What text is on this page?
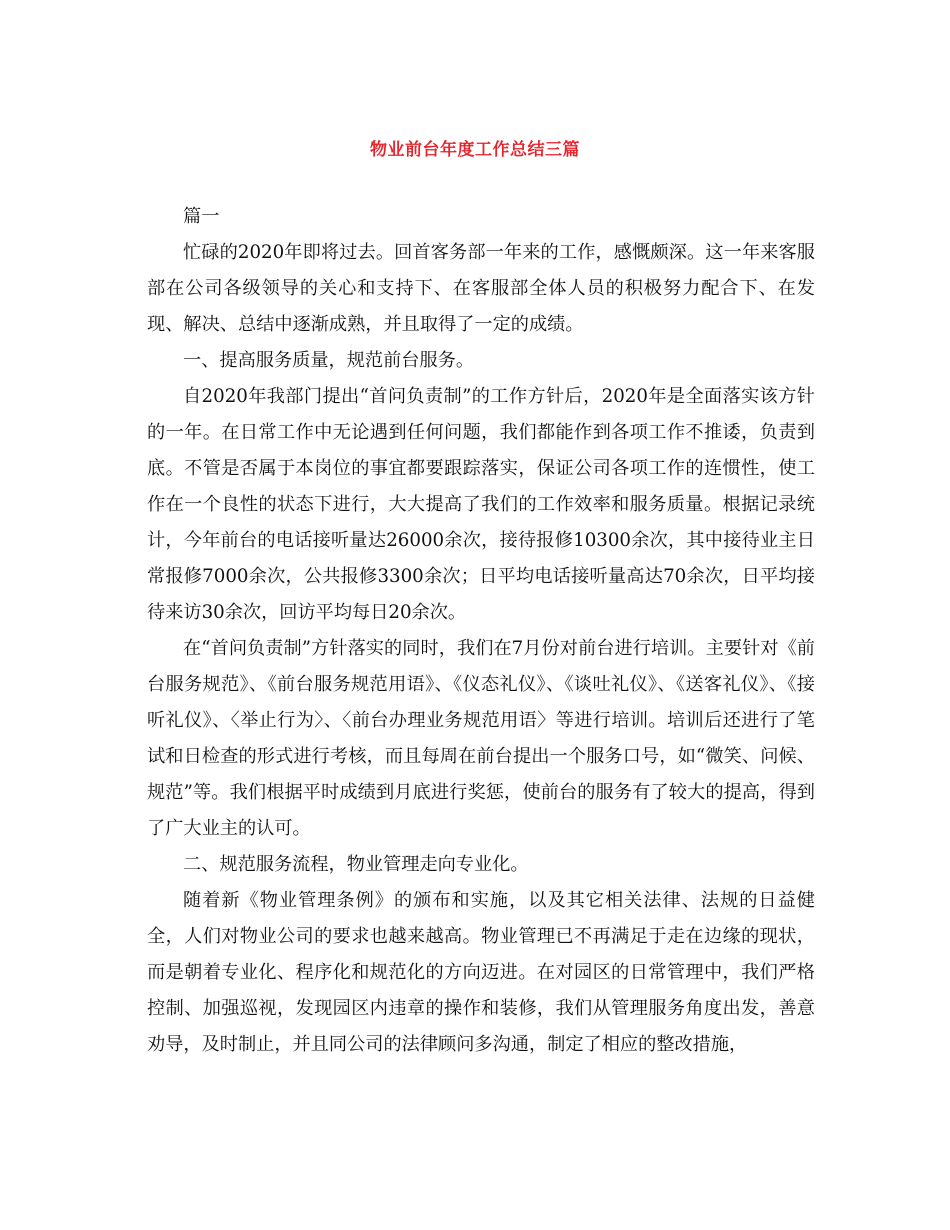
物业前台年度工作总结三篇

篇一

忙碌的2020年即将过去。回首客务部一年来的工作，感慨颇深。这一年来客服部在公司各级领导的关心和支持下、在客服部全体人员的积极努力配合下、在发现、解决、总结中逐渐成熟，并且取得了一定的成绩。

一、提高服务质量，规范前台服务。

自2020年我部门提出“首问负责制”的工作方针后，2020年是全面落实该方针的一年。在日常工作中无论遇到任何问题，我们都能作到各项工作不推诿，负责到底。不管是否属于本岗位的事宜都要跟踪落实，保证公司各项工作的连惯性，使工作在一个良性的状态下进行，大大提高了我们的工作效率和服务质量。根据记录统计，今年前台的电话接听量达26000余次，接待报修10300余次，其中接待业主日常报修7000余次，公共报修3300余次；日平均电话接听量高达70余次，日平均接待来访30余次，回访平均每日20余次。

在“首问负责制”方针落实的同时，我们在7月份对前台进行培训。主要针对《前台服务规范》、《前台服务规范用语》、《仪态礼仪》、《谈吐礼仪》、《送客礼仪》、《接听礼仪》、〈举止行为〉、〈前台办理业务规范用语〉等进行培训。培训后还进行了笔试和日检查的形式进行考核，而且每周在前台提出一个服务口号，如“微笑、问候、规范”等。我们根据平时成绩到月底进行奖惩，使前台的服务有了较大的提高，得到了广大业主的认可。

二、规范服务流程，物业管理走向专业化。

随着新《物业管理条例》的颁布和实施，以及其它相关法律、法规的日益健全，人们对物业公司的要求也越来越高。物业管理已不再满足于走在边缘的现状，而是朝着专业化、程序化和规范化的方向迈进。在对园区的日常管理中，我们严格控制、加强巡视，发现园区内违章的操作和装修，我们从管理服务角度出发，善意劝导，及时制止，并且同公司的法律顾问多沟通，制定了相应的整改措施，
